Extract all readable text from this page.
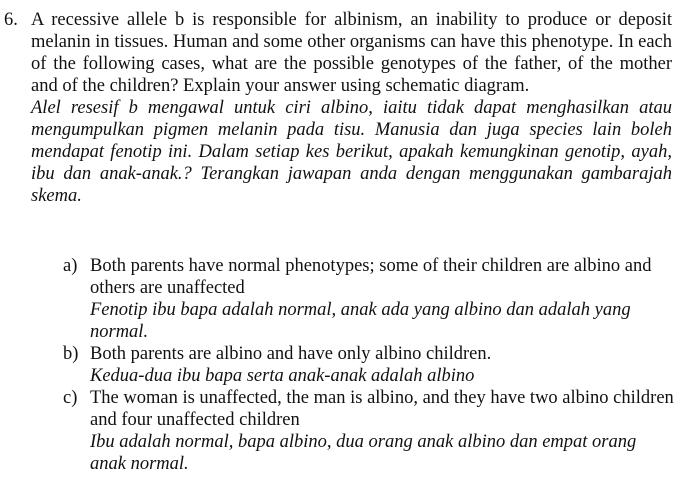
6. A recessive allele b is responsible for albinism, an inability to produce or deposit melanin in tissues. Human and some other organisms can have this phenotype. In each of the following cases, what are the possible genotypes of the father, of the mother and of the children? Explain your answer using schematic diagram.

Alel resesif b mengawal untuk ciri albino, iaitu tidak dapat menghasilkan atau mengumpulkan pigmen melanin pada tisu. Manusia dan juga species lain boleh mendapat fenotip ini. Dalam setiap kes berikut, apakah kemungkinan genotip, ayah, ibu dan anak-anak.? Terangkan jawapan anda dengan menggunakan gambarajah skema.

a) Both parents have normal phenotypes; some of their children are albino and others are unaffected

Fenotip ibu bapa adalah normal, anak ada yang albino dan adalah yang normal.

b) Both parents are albino and have only albino children.

Kedua-dua ibu bapa serta anak-anak adalah albino

c) The woman is unaffected, the man is albino, and they have two albino children and four unaffected children

Ibu adalah normal, bapa albino, dua orang anak albino dan empat orang anak normal.
